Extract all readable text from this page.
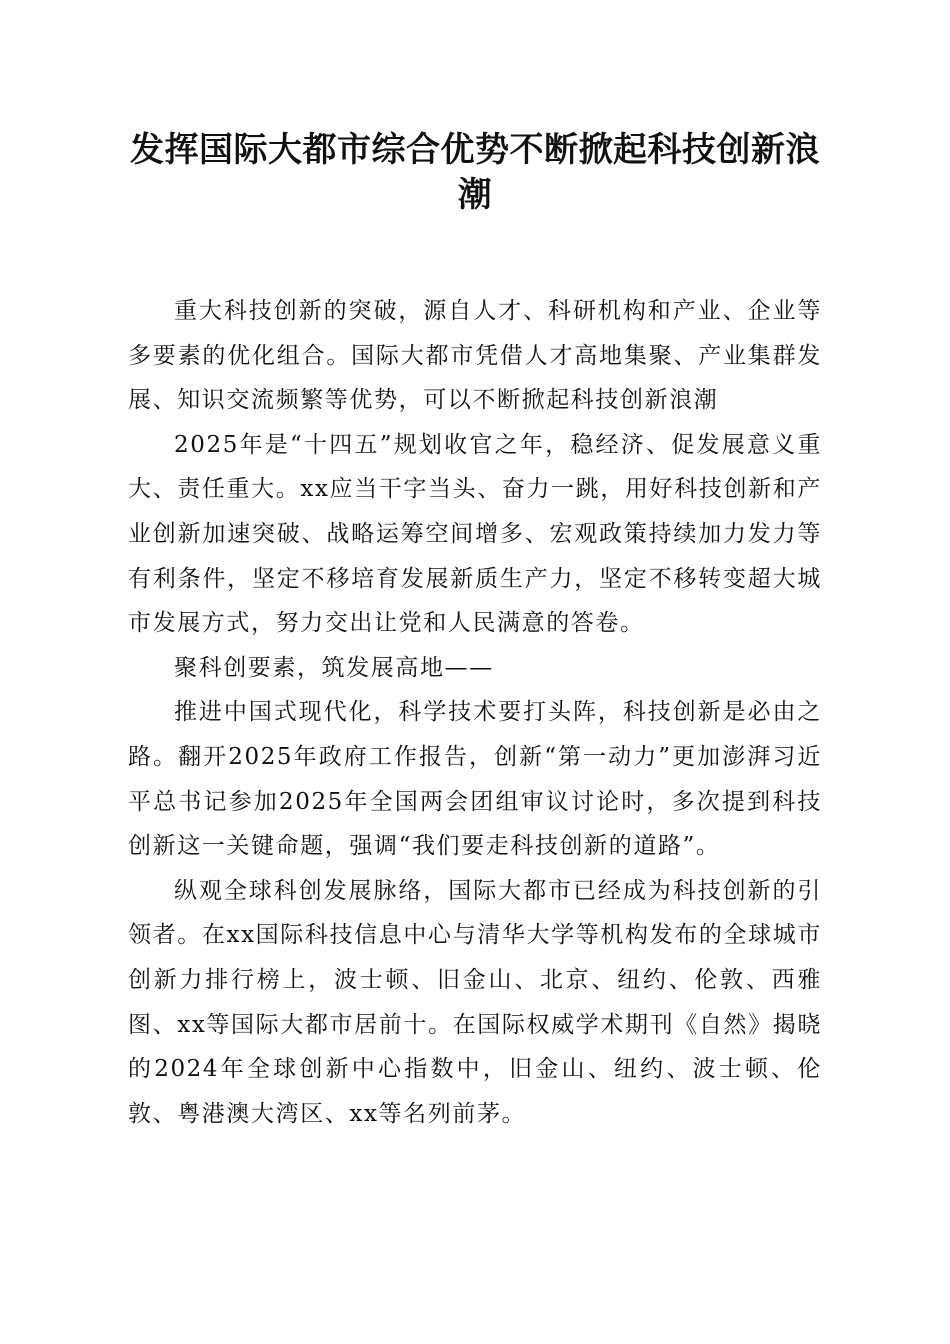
发挥国际大都市综合优势不断掀起科技创新浪潮

重大科技创新的突破，源自人才、科研机构和产业、企业等多要素的优化组合。国际大都市凭借人才高地集聚、产业集群发展、知识交流频繁等优势，可以不断掀起科技创新浪潮

2025年是“十四五”规划收官之年，稳经济、促发展意义重大、责任重大。xx应当干字当头、奋力一跳，用好科技创新和产业创新加速突破、战略运筹空间增多、宏观政策持续加力发力等有利条件，坚定不移培育发展新质生产力，坚定不移转变超大城市发展方式，努力交出让党和人民满意的答卷。

聚科创要素，筑发展高地——

推进中国式现代化，科学技术要打头阵，科技创新是必由之路。翻开2025年政府工作报告，创新“第一动力”更加澎湃习近平总书记参加2025年全国两会团组审议讨论时，多次提到科技创新这一关键命题，强调“我们要走科技创新的道路”。

纵观全球科创发展脉络，国际大都市已经成为科技创新的引领者。在xx国际科技信息中心与清华大学等机构发布的全球城市创新力排行榜上，波士顿、旧金山、北京、纽约、伦敦、西雅图、xx等国际大都市居前十。在国际权威学术期刊《自然》揭晓的2024年全球创新中心指数中，旧金山、纽约、波士顿、伦敦、粤港澳大湾区、xx等名列前茅。
